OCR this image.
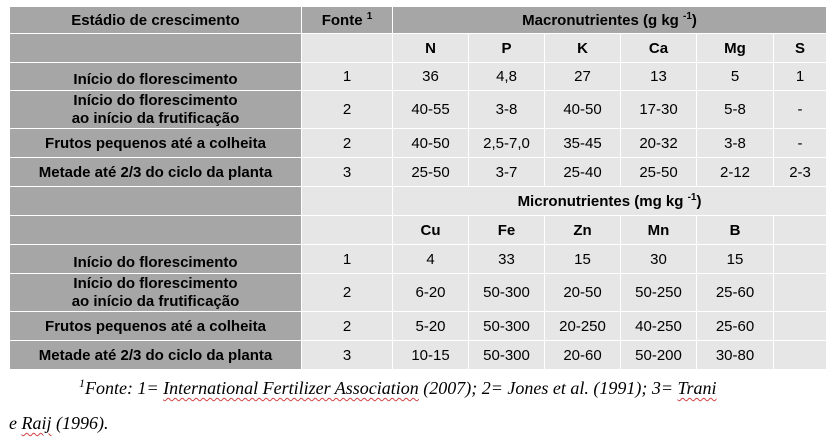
Estádio de crescimento	Fonte $^1$	Macronutrientes (g kg $^{-1}$)					
		N	P	K	Ca	Mg	S
Início do florescimento	1	36	4,8	27	13	5	1
Início do florescimento
ao início da frutificação	2	40-55	3-8	40-50	17-30	5-8	-
Frutos pequenos até a colheita	2	40-50	2,5-7,0	35-45	20-32	3-8	-
Metade até 2/3 do ciclo da planta	3	25-50	3-7	25-40	25-50	2-12	2-3
		Micronutrientes (mg kg $^{-1}$)					
		Cu	Fe	Zn	Mn	B	
Início do florescimento	1	4	33	15	30	15	
Início do florescimento
ao início da frutificação	2	6-20	50-300	20-50	50-250	25-60	
Frutos pequenos até a colheita	2	5-20	50-300	20-250	40-250	25-60	
Metade até 2/3 do ciclo da planta	3	10-15	50-300	20-60	50-200	30-80	
$^1$Fonte: 1= International Fertilizer Association (2007); 2= Jones et al. (1991); 3= Trani
e Raij (1996).
